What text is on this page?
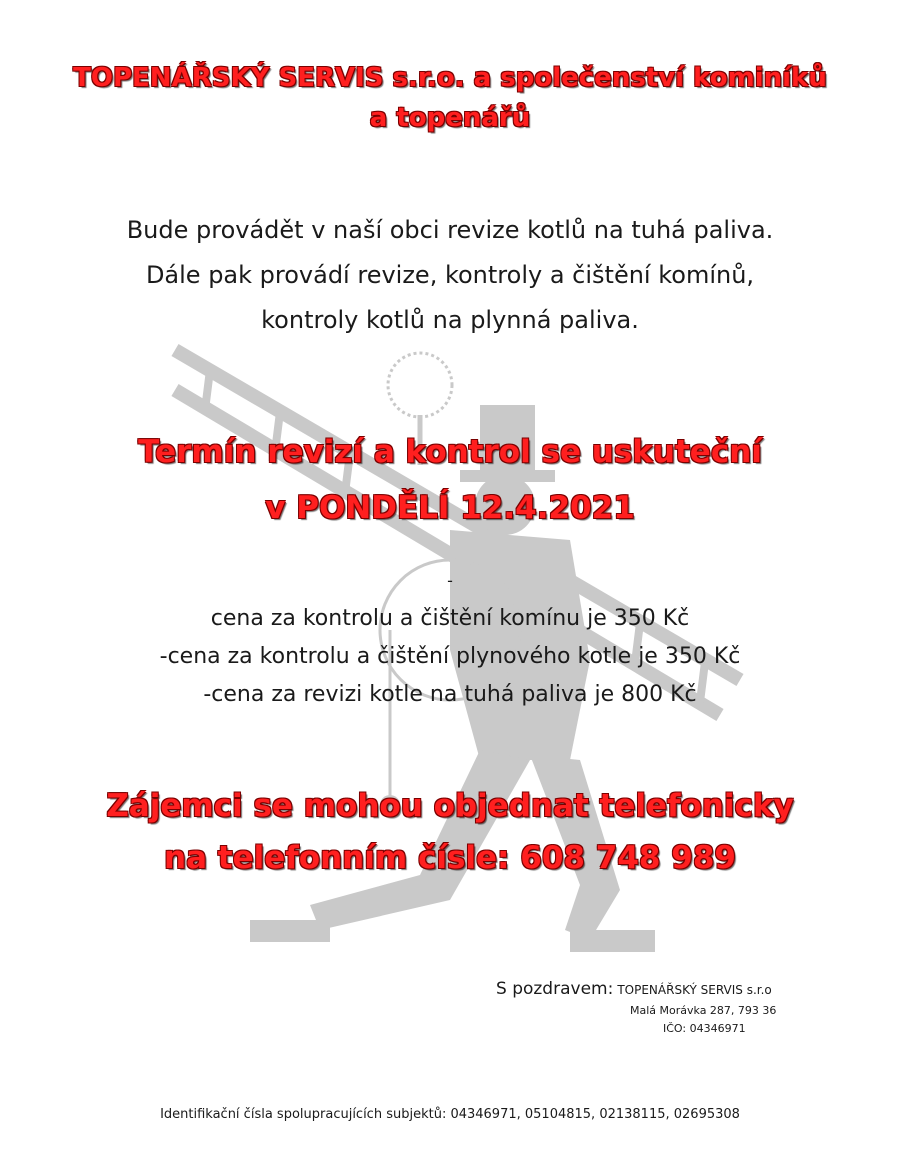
TOPENÁŘSKÝ SERVIS s.r.o. a společenství kominíků
a topenářů

Bude provádět v naší obci revize kotlů na tuhá paliva.
Dále pak provádí revize, kontroly a čištění komínů,
kontroly kotlů na plynná paliva.

Termín revizí a kontrol se uskuteční
v PONDĚLÍ 12.4.2021

-
cena za kontrolu a čištění komínu je 350 Kč
-cena za kontrolu a čištění plynového kotle je 350 Kč
-cena za revizi kotle na tuhá paliva je 800 Kč

Zájemci se mohou objednat telefonicky
na telefonním čísle: 608 748 989
S pozdravem: TOPENÁŘSKÝ SERVIS s.r.o
Malá Morávka 287, 793 36
IČO: 04346971
Identifikační čísla spolupracujících subjektů: 04346971, 05104815, 02138115, 02695308
